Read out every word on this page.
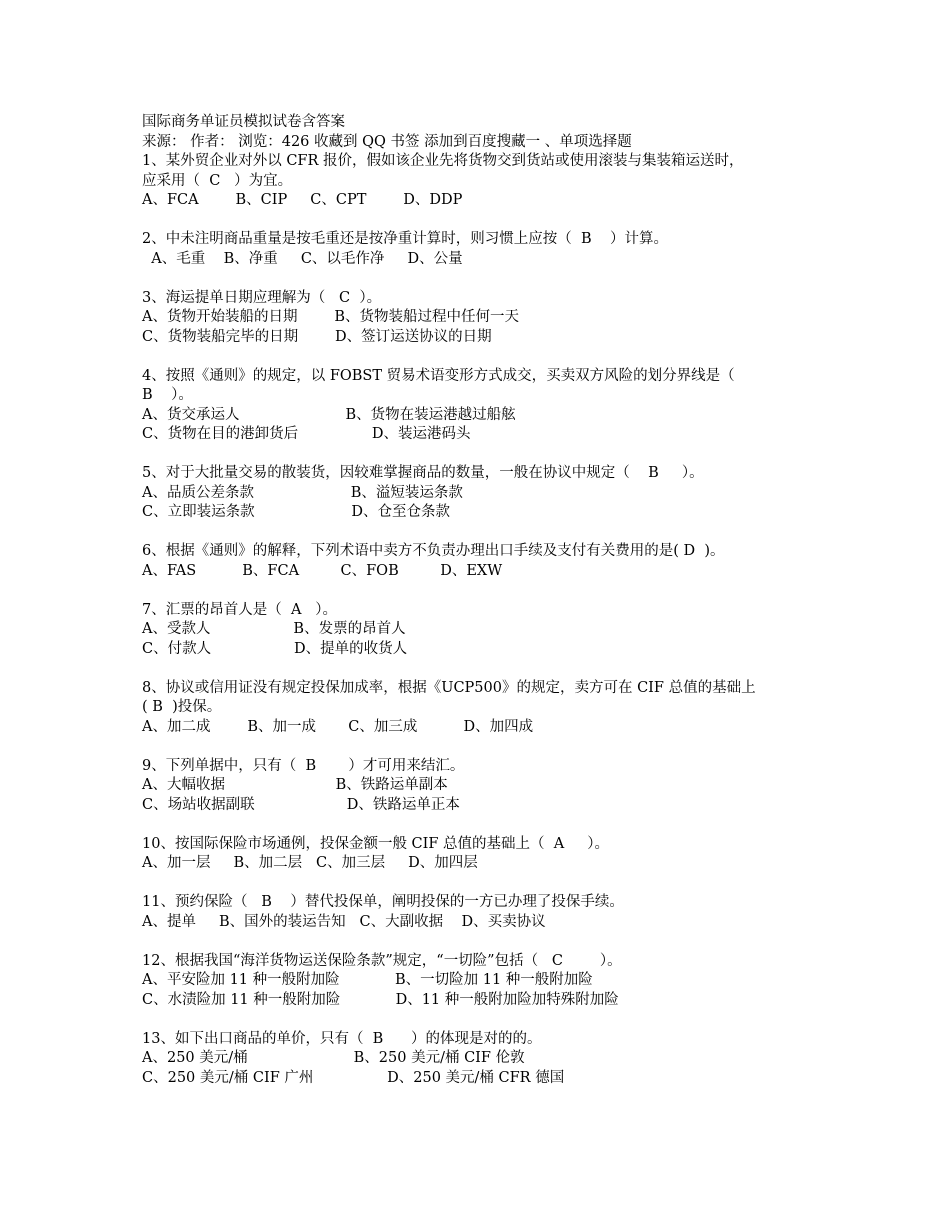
国际商务单证员模拟试卷含答案
来源： 作者： 浏览：426 收藏到 QQ 书签 添加到百度搜藏一 、单项选择题
1、某外贸企业对外以 CFR 报价，假如该企业先将货物交到货站或使用滚装与集装箱运送时，
应采用（  C   ）为宜。
A、FCA        B、CIP     C、CPT        D、DDP
2、中未注明商品重量是按毛重还是按净重计算时，则习惯上应按（  B    ）计算。
A、毛重    B、净重     C、以毛作净     D、公量
3、海运提单日期应理解为（   C  ）。
A、货物开始装船的日期        B、货物装船过程中任何一天
C、货物装船完毕的日期        D、签订运送协议的日期
4、按照《通则》的规定，以 FOBST 贸易术语变形方式成交，买卖双方风险的划分界线是（
B    ）。
A、货交承运人                       B、货物在装运港越过船舷
C、货物在目的港卸货后                D、装运港码头
5、对于大批量交易的散装货，因较难掌握商品的数量，一般在协议中规定（    B     ）。
A、品质公差条款                     B、溢短装运条款
C、立即装运条款                     D、仓至仓条款
6、根据《通则》的解释，下列术语中卖方不负责办理出口手续及支付有关费用的是( D  )。
A、FAS          B、FCA         C、FOB         D、EXW
7、汇票的昂首人是（  A   ）。
A、受款人                  B、发票的昂首人
C、付款人                  D、提单的收货人
8、协议或信用证没有规定投保加成率，根据《UCP500》的规定，卖方可在 CIF 总值的基础上
( B  )投保。
A、加二成        B、加一成       C、加三成          D、加四成
9、下列单据中，只有（  B       ）才可用来结汇。
A、大幅收据                        B、铁路运单副本
C、场站收据副联                    D、铁路运单正本
10、按国际保险市场通例，投保金额一般 CIF 总值的基础上（  A     ）。
A、加一层     B、加二层   C、加三层     D、加四层
11、预约保险（   B    ）替代投保单，阐明投保的一方已办理了投保手续。
A、提单     B、国外的装运告知   C、大副收据    D、买卖协议
12、根据我国“海洋货物运送保险条款”规定，“一切险”包括（   C        ）。
A、平安险加 11 种一般附加险            B、一切险加 11 种一般附加险
C、水渍险加 11 种一般附加险            D、11 种一般附加险加特殊附加险
13、如下出口商品的单价，只有（  B      ）的体现是对的的。
A、250 美元/桶                       B、250 美元/桶 CIF 伦敦
C、250 美元/桶 CIF 广州                D、250 美元/桶 CFR 德国
